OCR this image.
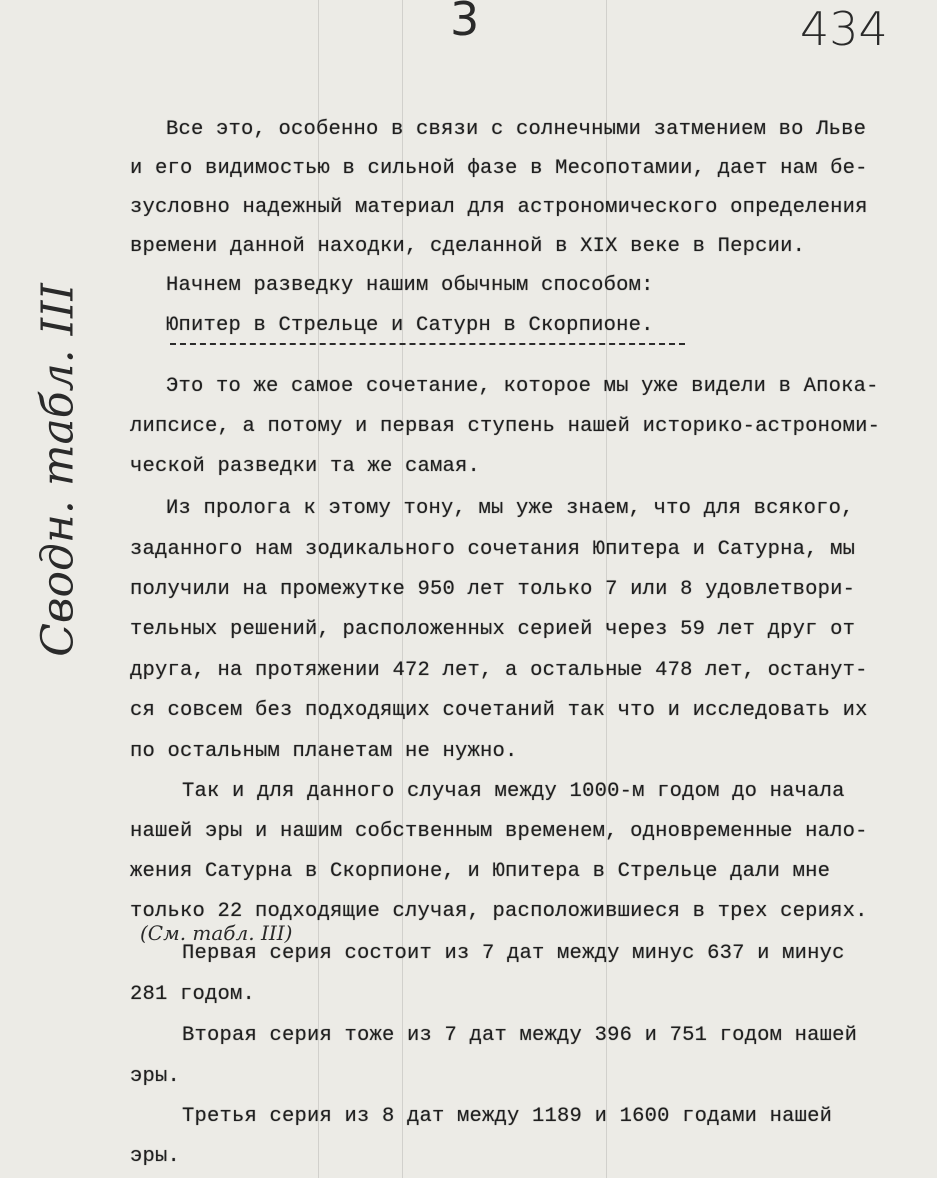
3	434
Сводн. табл. III
Все это, особенно в связи с солнечными затмением во Льве
и его видимостью в сильной фазе в Месопотамии, дает нам бе-
зусловно надежный материал для астрономического определения
времени данной находки, сделанной в XIX веке в Персии.
Начнем разведку нашим обычным способом:
Юпитер в Стрельце и Сатурн в Скорпионе.
Это то же самое сочетание, которое мы уже видели в Апока-
липсисе, а потому и первая ступень нашей историко-астрономи-
ческой разведки та же самая.
Из пролога к этому тону, мы уже знаем, что для всякого,
заданного нам зодикального сочетания Юпитера и Сатурна, мы
получили на промежутке 950 лет только 7 или 8 удовлетвори-
тельных решений, расположенных серией через 59 лет друг от
друга, на протяжении 472 лет, а остальные 478 лет, останут-
ся совсем без подходящих сочетаний так что и исследовать их
по остальным планетам не нужно.
Так и для данного случая между 1000-м годом до начала
нашей эры и нашим собственным временем, одновременные нало-
жения Сатурна в Скорпионе, и Юпитера в Стрельце дали мне
только 22 подходящие случая, расположившиеся в трех сериях.
(См. табл. III)
Первая серия состоит из 7 дат между минус 637 и минус
281 годом.
Вторая серия тоже из 7 дат между 396 и 751 годом нашей
эры.
Третья серия из 8 дат между 1189 и 1600 годами нашей
эры.
